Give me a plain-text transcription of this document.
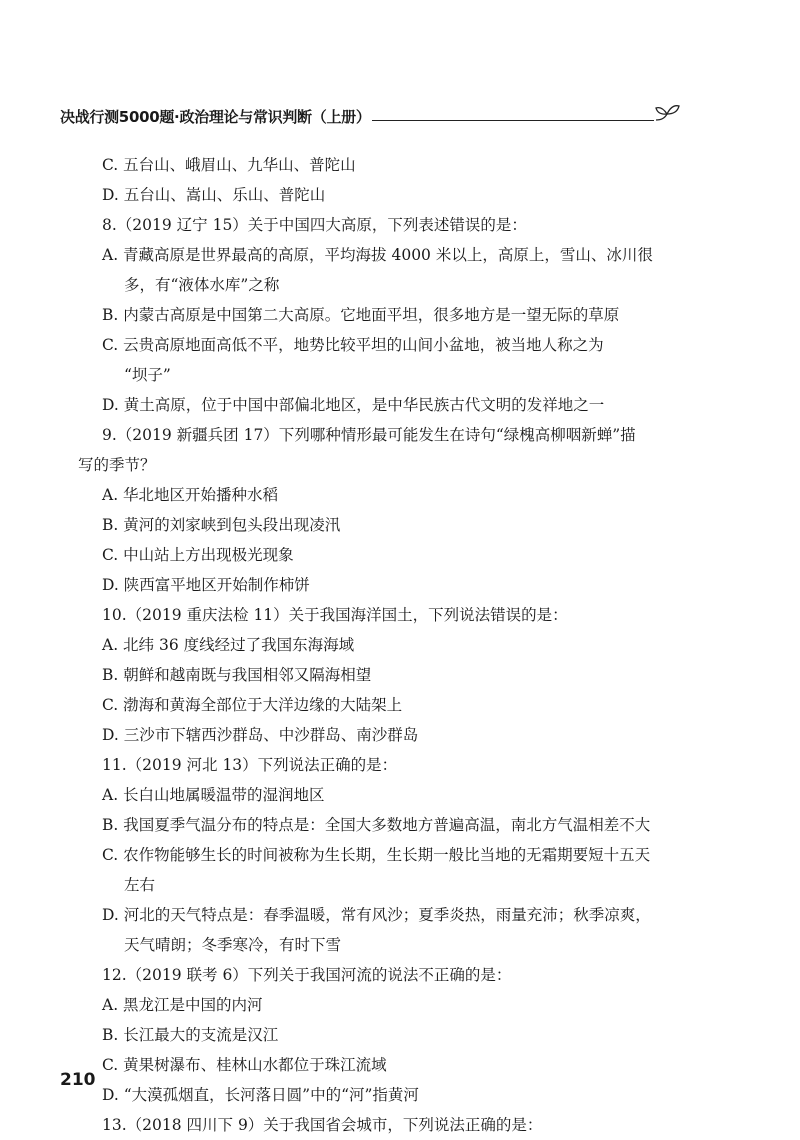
决战行测5000题·政治理论与常识判断（上册）

C. 五台山、峨眉山、九华山、普陀山

D. 五台山、嵩山、乐山、普陀山

8.（2019 辽宁 15）关于中国四大高原，下列表述错误的是：

A. 青藏高原是世界最高的高原，平均海拔 4000 米以上，高原上，雪山、冰川很

多，有“液体水库”之称

B. 内蒙古高原是中国第二大高原。它地面平坦，很多地方是一望无际的草原

C. 云贵高原地面高低不平，地势比较平坦的山间小盆地，被当地人称之为

“坝子”

D. 黄土高原，位于中国中部偏北地区，是中华民族古代文明的发祥地之一

9.（2019 新疆兵团 17）下列哪种情形最可能发生在诗句“绿槐高柳咽新蝉”描

写的季节？

A. 华北地区开始播种水稻

B. 黄河的刘家峡到包头段出现凌汛

C. 中山站上方出现极光现象

D. 陕西富平地区开始制作柿饼

10.（2019 重庆法检 11）关于我国海洋国土，下列说法错误的是：

A. 北纬 36 度线经过了我国东海海域

B. 朝鲜和越南既与我国相邻又隔海相望

C. 渤海和黄海全部位于大洋边缘的大陆架上

D. 三沙市下辖西沙群岛、中沙群岛、南沙群岛

11.（2019 河北 13）下列说法正确的是：

A. 长白山地属暖温带的湿润地区

B. 我国夏季气温分布的特点是：全国大多数地方普遍高温，南北方气温相差不大

C. 农作物能够生长的时间被称为生长期，生长期一般比当地的无霜期要短十五天

左右

D. 河北的天气特点是：春季温暖，常有风沙；夏季炎热，雨量充沛；秋季凉爽，

天气晴朗；冬季寒冷，有时下雪

12.（2019 联考 6）下列关于我国河流的说法不正确的是：

A. 黑龙江是中国的内河

B. 长江最大的支流是汉江

C. 黄果树瀑布、桂林山水都位于珠江流域

D. “大漠孤烟直，长河落日圆”中的“河”指黄河

13.（2018 四川下 9）关于我国省会城市，下列说法正确的是：

210
